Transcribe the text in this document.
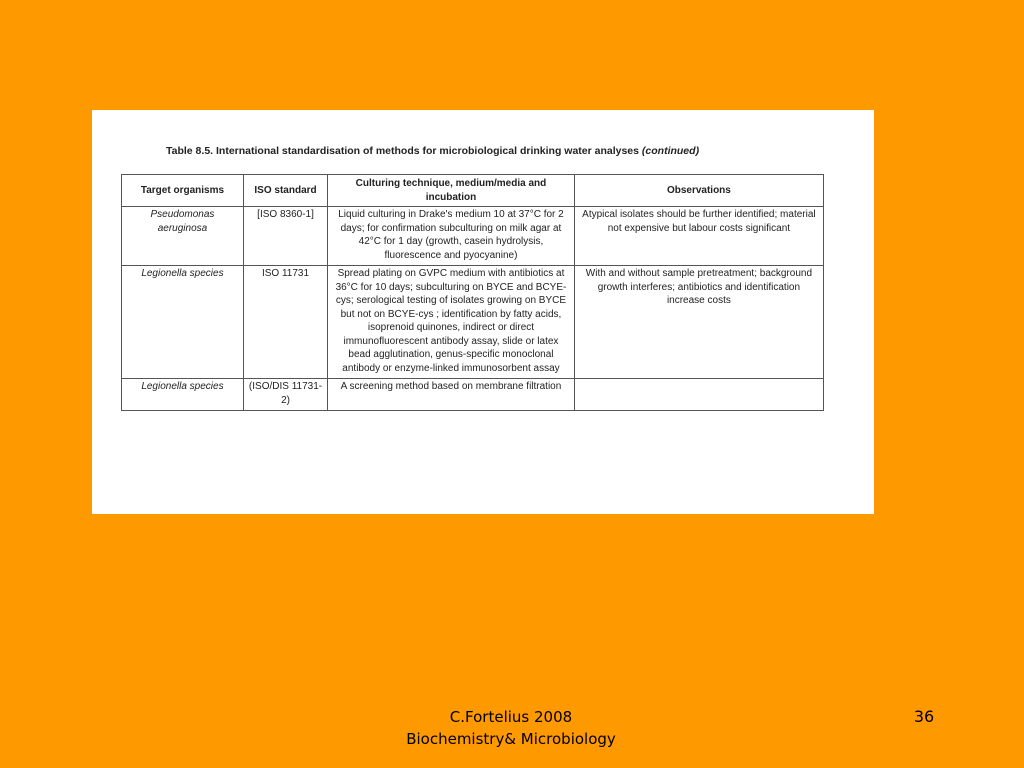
Table 8.5. International standardisation of methods for microbiological drinking water analyses (continued)
Target organisms	ISO standard	Culturing technique, medium/media and incubation	Observations
Pseudomonas aeruginosa	[ISO 8360-1]	Liquid culturing in Drake's medium 10 at 37°C for 2 days; for confirmation subculturing on milk agar at 42°C for 1 day (growth, casein hydrolysis, fluorescence and pyocyanine)	Atypical isolates should be further identified; material not expensive but labour costs significant
Legionella species	ISO 11731	Spread plating on GVPC medium with antibiotics at 36°C for 10 days; subculturing on BYCE and BCYE-cys; serological testing of isolates growing on BYCE but not on BCYE-cys ; identification by fatty acids, isoprenoid quinones, indirect or direct immunofluorescent antibody assay, slide or latex bead agglutination, genus-specific monoclonal antibody or enzyme-linked immunosorbent assay	With and without sample pretreatment; background growth interferes; antibiotics and identification increase costs
Legionella species	(ISO/DIS 11731-2)	A screening method based on membrane filtration	
C.Fortelius 2008
Biochemistry& Microbiology
36
